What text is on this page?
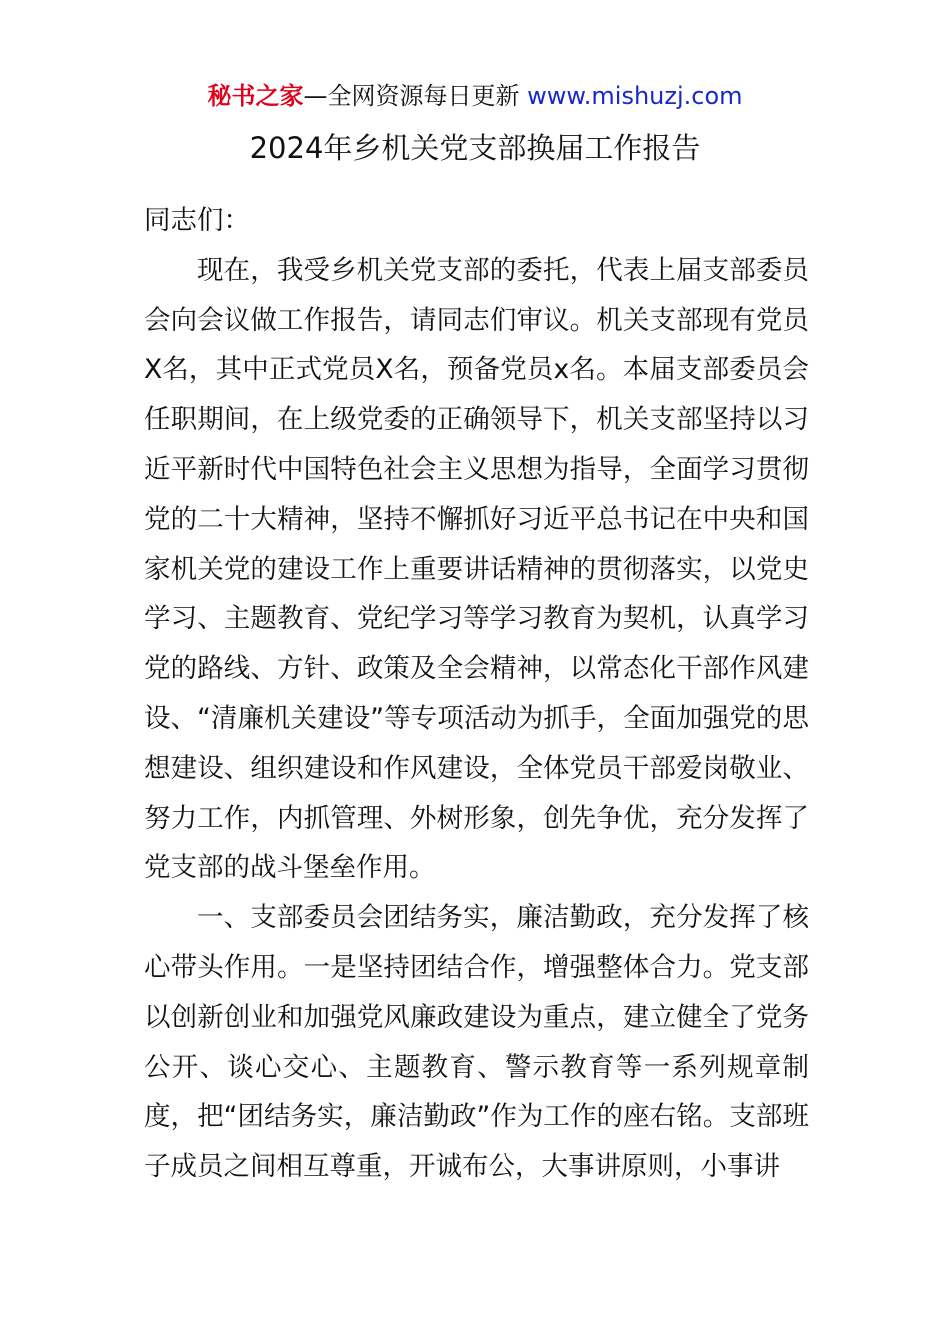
秘书之家—全网资源每日更新 www.mishuzj.com
2024年乡机关党支部换届工作报告

同志们：

现在，我受乡机关党支部的委托，代表上届支部委员会向会议做工作报告，请同志们审议。机关支部现有党员X名，其中正式党员X名，预备党员x名。本届支部委员会任职期间，在上级党委的正确领导下，机关支部坚持以习近平新时代中国特色社会主义思想为指导，全面学习贯彻党的二十大精神，坚持不懈抓好习近平总书记在中央和国家机关党的建设工作上重要讲话精神的贯彻落实，以党史学习、主题教育、党纪学习等学习教育为契机，认真学习党的路线、方针、政策及全会精神，以常态化干部作风建设、“清廉机关建设”等专项活动为抓手，全面加强党的思想建设、组织建设和作风建设，全体党员干部爱岗敬业、努力工作，内抓管理、外树形象，创先争优，充分发挥了党支部的战斗堡垒作用。

一、支部委员会团结务实，廉洁勤政，充分发挥了核心带头作用。一是坚持团结合作，增强整体合力。党支部以创新创业和加强党风廉政建设为重点，建立健全了党务公开、谈心交心、主题教育、警示教育等一系列规章制度，把“团结务实，廉洁勤政”作为工作的座右铭。支部班子成员之间相互尊重，开诚布公，大事讲原则，小事讲
